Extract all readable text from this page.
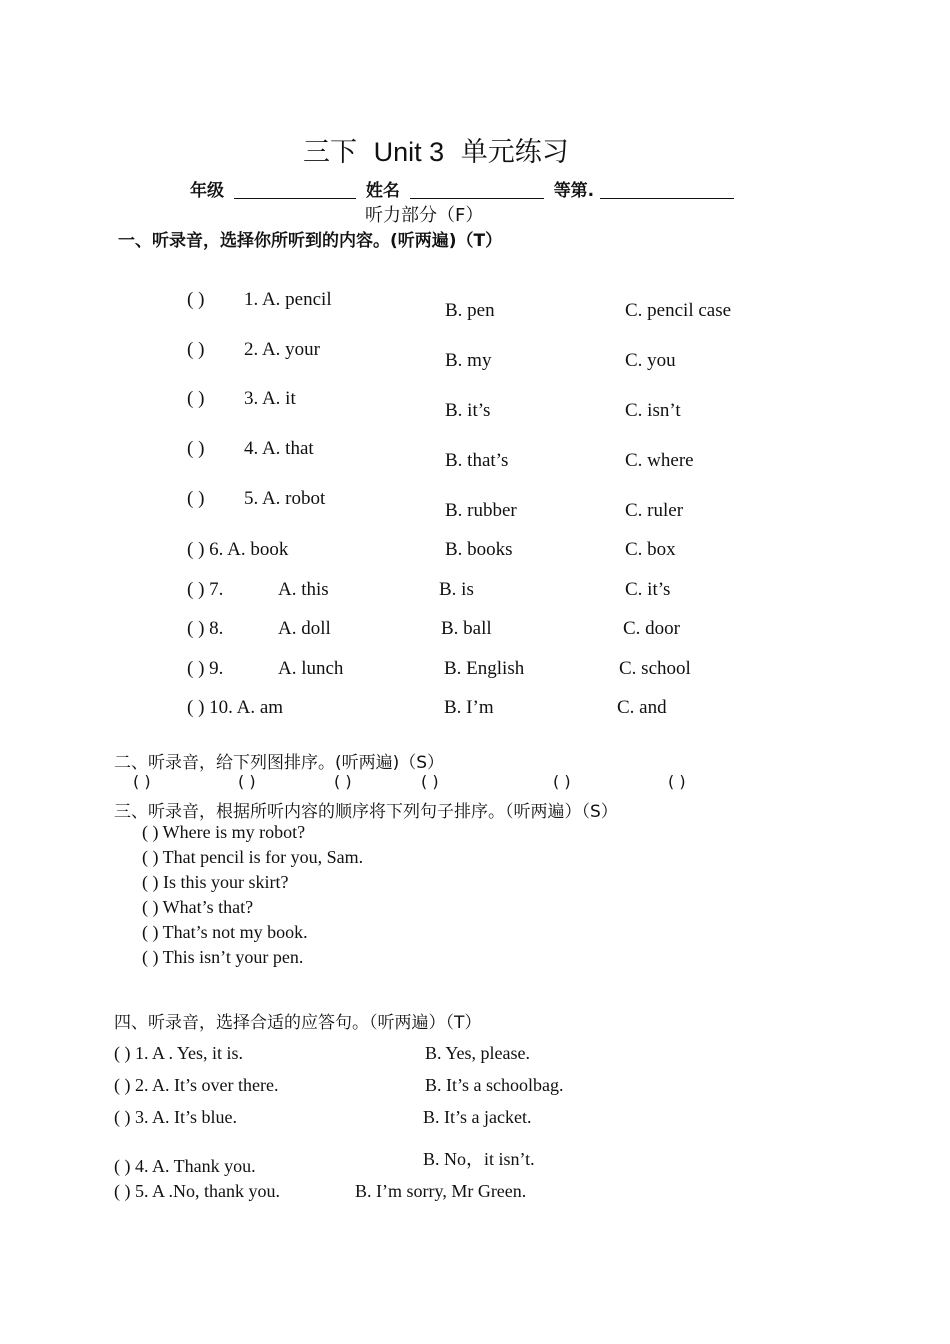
三下 Unit 3 单元练习
年级	姓名	等第.
听力部分（F）
一、听录音，选择你所听到的内容。(听两遍)（T）
( ) 1. A. pencil
B. pen	C. pencil case
( ) 2. A. your
B. my	C. you
( ) 3. A. it
B. it’s	C. isn’t
( ) 4. A. that
B. that’s	C. where
( ) 5. A. robot
B. rubber	C. ruler
( ) 6. A. book	B. books	C. box
( ) 7.	A. this	B. is	C. it’s
( ) 8.	A. doll	B. ball	C. door
( ) 9.	A. lunch	B. English	C. school
( ) 10. A. am	B. I’m	C. and
二、听录音，给下列图排序。(听两遍)（S）
( )	( )	( )	( )	( )	( )
三、听录音，根据所听内容的顺序将下列句子排序。（听两遍）（S）
( ) Where is my robot?
( ) That pencil is for you, Sam.
( ) Is this your skirt?
( ) What’s that?
( ) That’s not my book.
( ) This isn’t your pen.
四、听录音，选择合适的应答句。（听两遍）（T）
( ) 1. A . Yes, it is.	B. Yes, please.
( ) 2. A. It’s over there.	B. It’s a schoolbag.
( ) 3. A. It’s blue.	B. It’s a jacket.
( ) 4. A. Thank you.	B. No，it isn’t.
( ) 5. A .No, thank you.	B. I’m sorry, Mr Green.
